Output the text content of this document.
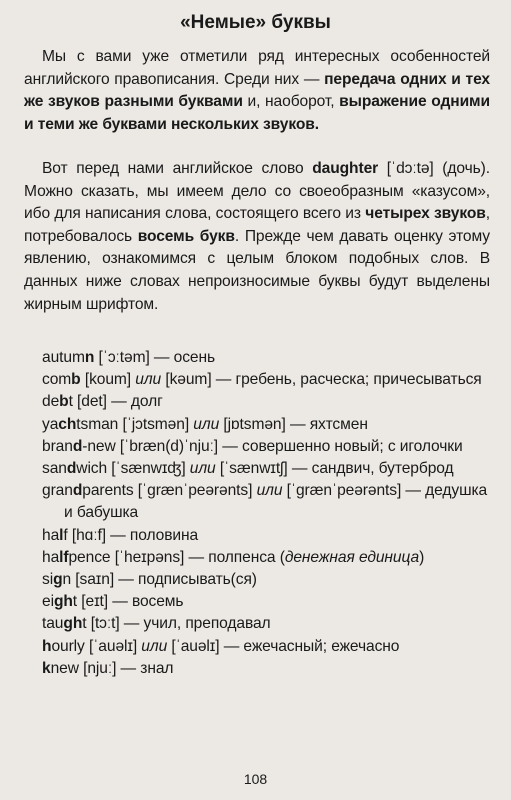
«Немые» буквы

Мы с вами уже отметили ряд интересных особенностей английского правописания. Среди них — передача одних и тех же звуков разными буквами и, наоборот, выражение одними и теми же буквами нескольких звуков.

Вот перед нами английское слово daughter [ˈdɔːtə] (дочь). Можно сказать, мы имеем дело со своеобразным «казусом», ибо для написания слова, состоящего всего из четырех звуков, потребовалось восемь букв. Прежде чем давать оценку этому явлению, ознакомимся с целым блоком подобных слов. В данных ниже словах непроизносимые буквы будут выделены жирным шрифтом.

autumn [ˈɔːtəm] — осень
comb [koum] или [kəum] — гребень, расческа; причесываться
debt [det] — долг
yachtsman [ˈjɔtsmən] или [jɒtsmən] — яхтсмен
brand-new [ˈbræn(d)ˈnjuː] — совершенно новый; с иголочки
sandwich [ˈsænwɪʤ] или [ˈsænwɪtʃ] — сандвич, бутерброд
grandparents [ˈgrænˈpeərənts] или [ˈgrænˈpeərənts] — дедушка и бабушка
half [hɑːf] — половина
halfpence [ˈheɪpəns] — полпенса (денежная единица)
sign [saɪn] — подписывать(ся)
eight [eɪt] — восемь
taught [tɔːt] — учил, преподавал
hourly [ˈauəlɪ] или [ˈauəlɪ] — ежечасный; ежечасно
knew [njuː] — знал
108
